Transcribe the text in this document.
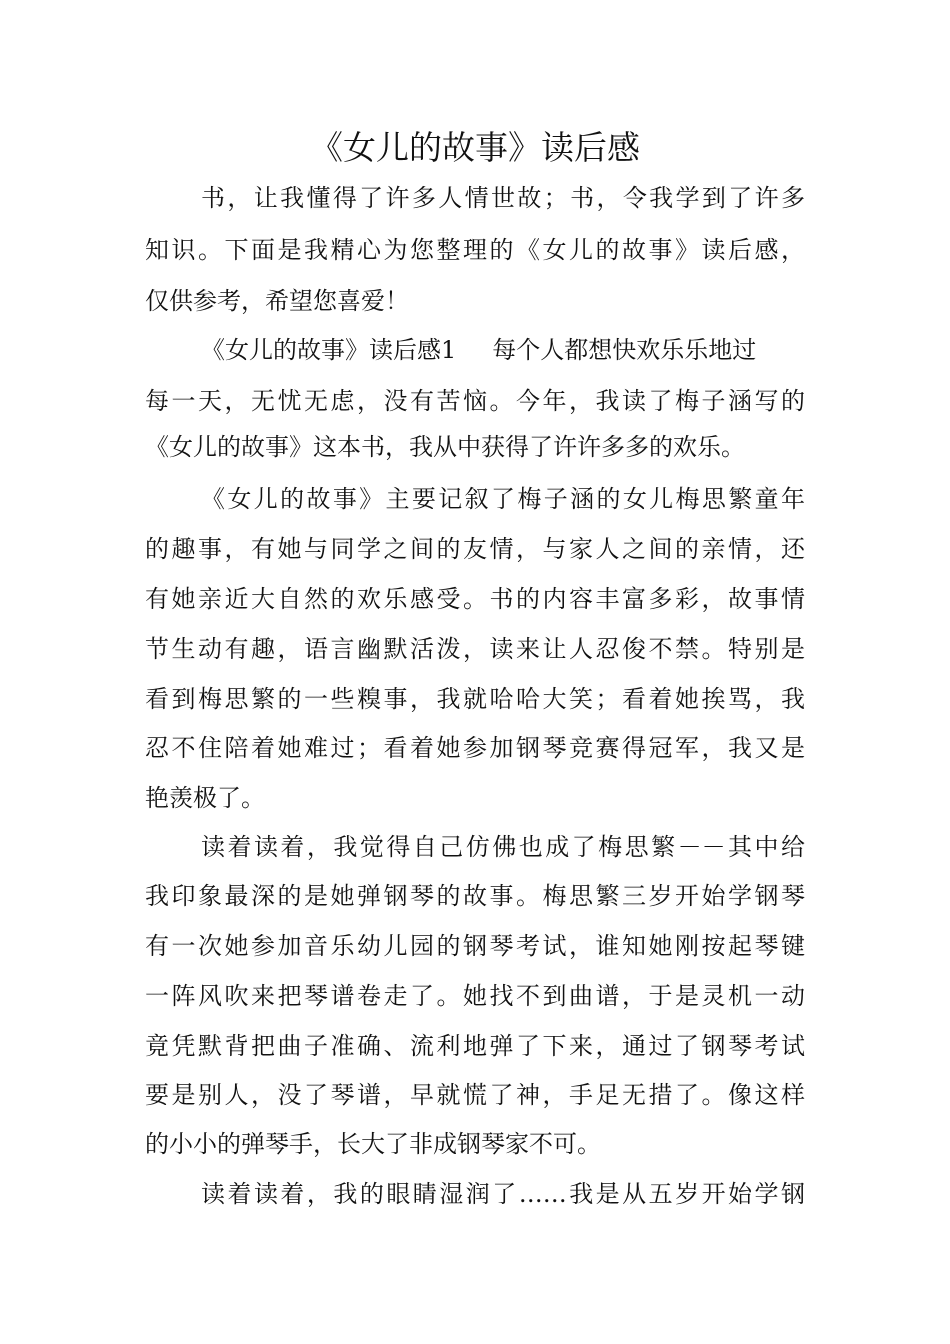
《女儿的故事》读后感
书，让我懂得了许多人情世故；书，令我学到了许多
知识。下面是我精心为您整理的《女儿的故事》读后感，
仅供参考，希望您喜爱！
《女儿的故事》读后感1 每个人都想快欢乐乐地过
每一天，无忧无虑，没有苦恼。今年，我读了梅子涵写的
《女儿的故事》这本书，我从中获得了许许多多的欢乐。
《女儿的故事》主要记叙了梅子涵的女儿梅思繁童年
的趣事，有她与同学之间的友情，与家人之间的亲情，还
有她亲近大自然的欢乐感受。书的内容丰富多彩，故事情
节生动有趣，语言幽默活泼，读来让人忍俊不禁。特别是
看到梅思繁的一些糗事，我就哈哈大笑；看着她挨骂，我
忍不住陪着她难过；看着她参加钢琴竞赛得冠军，我又是
艳羡极了。
读着读着，我觉得自己仿佛也成了梅思繁－－其中给
我印象最深的是她弹钢琴的故事。梅思繁三岁开始学钢琴
有一次她参加音乐幼儿园的钢琴考试，谁知她刚按起琴键
一阵风吹来把琴谱卷走了。她找不到曲谱，于是灵机一动
竟凭默背把曲子准确、流利地弹了下来，通过了钢琴考试
要是别人，没了琴谱，早就慌了神，手足无措了。像这样
的小小的弹琴手，长大了非成钢琴家不可。
读着读着，我的眼睛湿润了……我是从五岁开始学钢
